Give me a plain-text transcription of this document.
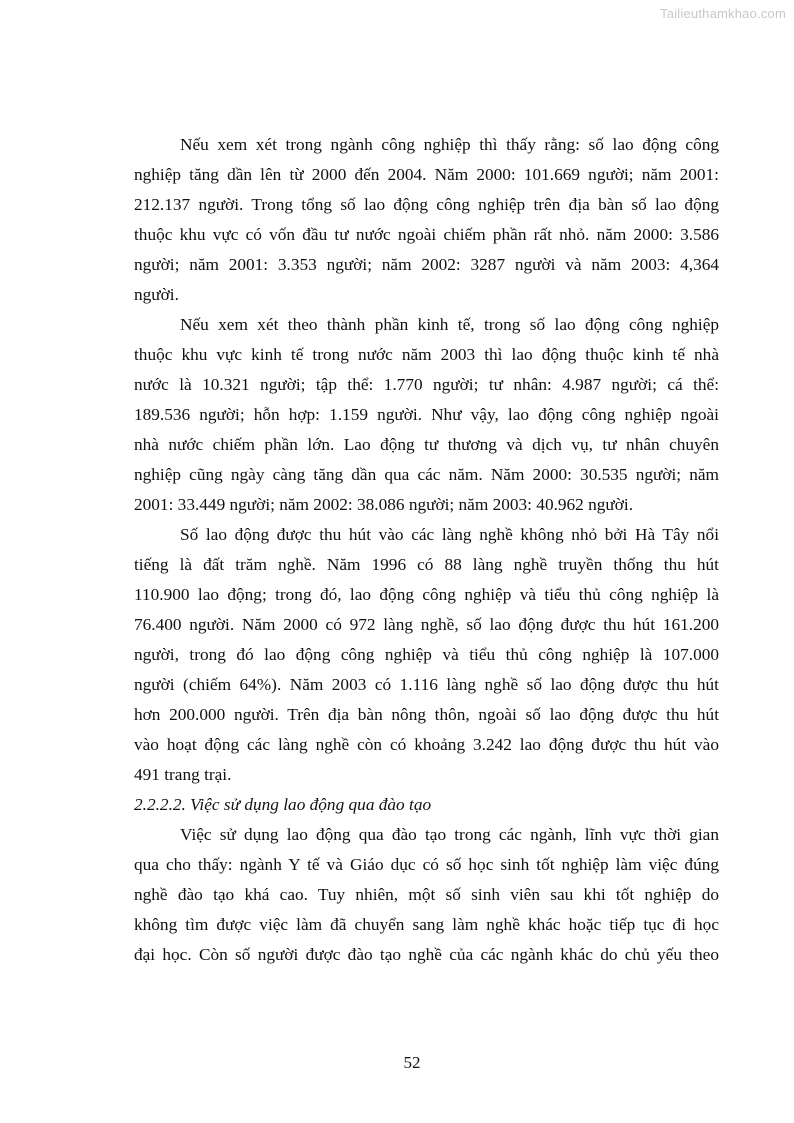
Tailieuthamkhao.com
Nếu xem xét trong ngành công nghiệp thì thấy rằng: số lao động công
nghiệp tăng dần lên từ 2000 đến 2004. Năm 2000: 101.669 người; năm 2001:
212.137 người. Trong tổng số lao động công nghiệp trên địa bàn số lao động
thuộc khu vực có vốn đầu tư nước ngoài chiếm phần rất nhỏ. năm 2000: 3.586
người; năm 2001: 3.353 người; năm 2002: 3287 người và năm 2003: 4,364
người.
Nếu xem xét theo thành phần kinh tế, trong số lao động công nghiệp
thuộc khu vực kinh tế trong nước năm 2003 thì lao động thuộc kinh tế nhà
nước là 10.321 người; tập thể: 1.770 người; tư nhân: 4.987 người; cá thể:
189.536 người; hỗn hợp: 1.159 người. Như vậy, lao động công nghiệp ngoài
nhà nước chiếm phần lớn. Lao động tư thương và dịch vụ, tư nhân chuyên
nghiệp cũng ngày càng tăng dần qua các năm. Năm 2000: 30.535 người; năm
2001: 33.449 người; năm 2002: 38.086 người; năm 2003: 40.962 người.
Số lao động được thu hút vào các làng nghề không nhỏ bởi Hà Tây nổi
tiếng là đất trăm nghề. Năm 1996 có 88 làng nghề truyền thống thu hút
110.900 lao động; trong đó, lao động công nghiệp và tiểu thủ công nghiệp là
76.400 người. Năm 2000 có 972 làng nghề, số lao động được thu hút 161.200
người, trong đó lao động công nghiệp và tiểu thủ công nghiệp là 107.000
người (chiếm 64%). Năm 2003 có 1.116 làng nghề số lao động được thu hút
hơn 200.000 người. Trên địa bàn nông thôn, ngoài số lao động được thu hút
vào hoạt động các làng nghề còn có khoảng 3.242 lao động được thu hút vào
491 trang trại.
2.2.2.2. Việc sử dụng lao động qua đào tạo
Việc sử dụng lao động qua đào tạo trong các ngành, lĩnh vực thời gian
qua cho thấy: ngành Y tế và Giáo dục có số học sinh tốt nghiệp làm việc đúng
nghề đào tạo khá cao. Tuy nhiên, một số sinh viên sau khi tốt nghiệp do
không tìm được việc làm đã chuyển sang làm nghề khác hoặc tiếp tục đi học
đại học. Còn số người được đào tạo nghề của các ngành khác do chủ yếu theo
52
